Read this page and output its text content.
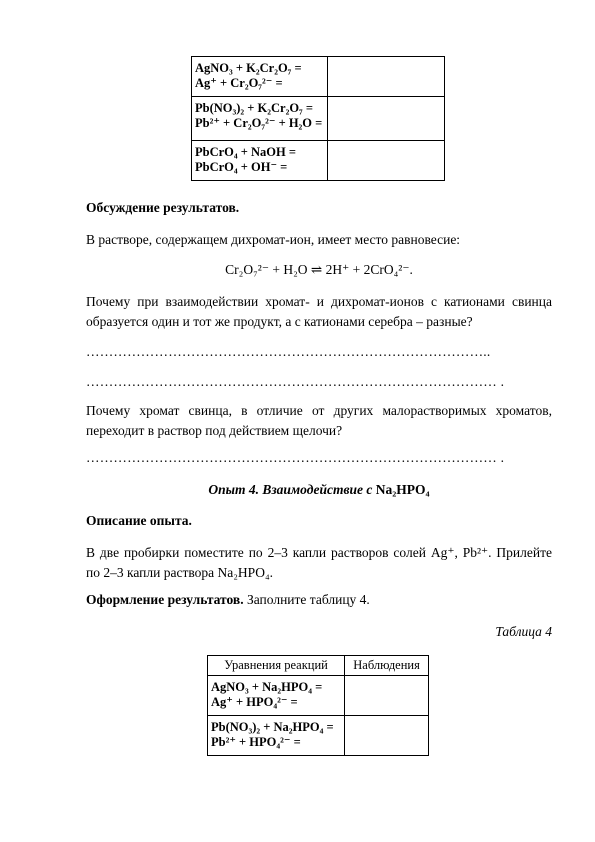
AgNO₃ + K₂Cr₂O₇ =
Ag⁺ + Cr₂O₇²⁻ =	

Pb(NO₃)₂ + K₂Cr₂O₇ =
Pb²⁺ + Cr₂O₇²⁻ + H₂O =	

PbCrO₄ + NaOH =
PbCrO₄ + OH⁻ =	

Обсуждение результатов.
В растворе, содержащем дихромат-ион, имеет место равновесие:
Cr₂O₇²⁻ + H₂O ⇌ 2H⁺ + 2CrO₄²⁻.
Почему при взаимодействии хромат- и дихромат-ионов с катионами свинца образуется один и тот же продукт, а с катионами серебра – разные?
……………………………………………………………………………..
……………………………………………………………………………… .
Почему хромат свинца, в отличие от других малорастворимых хроматов, переходит в раствор под действием щелочи?
……………………………………………………………………………… .
Опыт 4. Взаимодействие с Na₂HPO₄
Описание опыта.
В две пробирки поместите по 2–3 капли растворов солей Ag⁺, Pb²⁺. Прилейте по 2–3 капли раствора Na₂HPO₄.
Оформление результатов. Заполните таблицу 4.
Таблица 4
Уравнения реакций	Наблюдения

AgNO₃ + Na₂HPO₄ =
Ag⁺ + HPO₄²⁻ =	

Pb(NO₃)₂ + Na₂HPO₄ =
Pb²⁺ + HPO₄²⁻ =	
